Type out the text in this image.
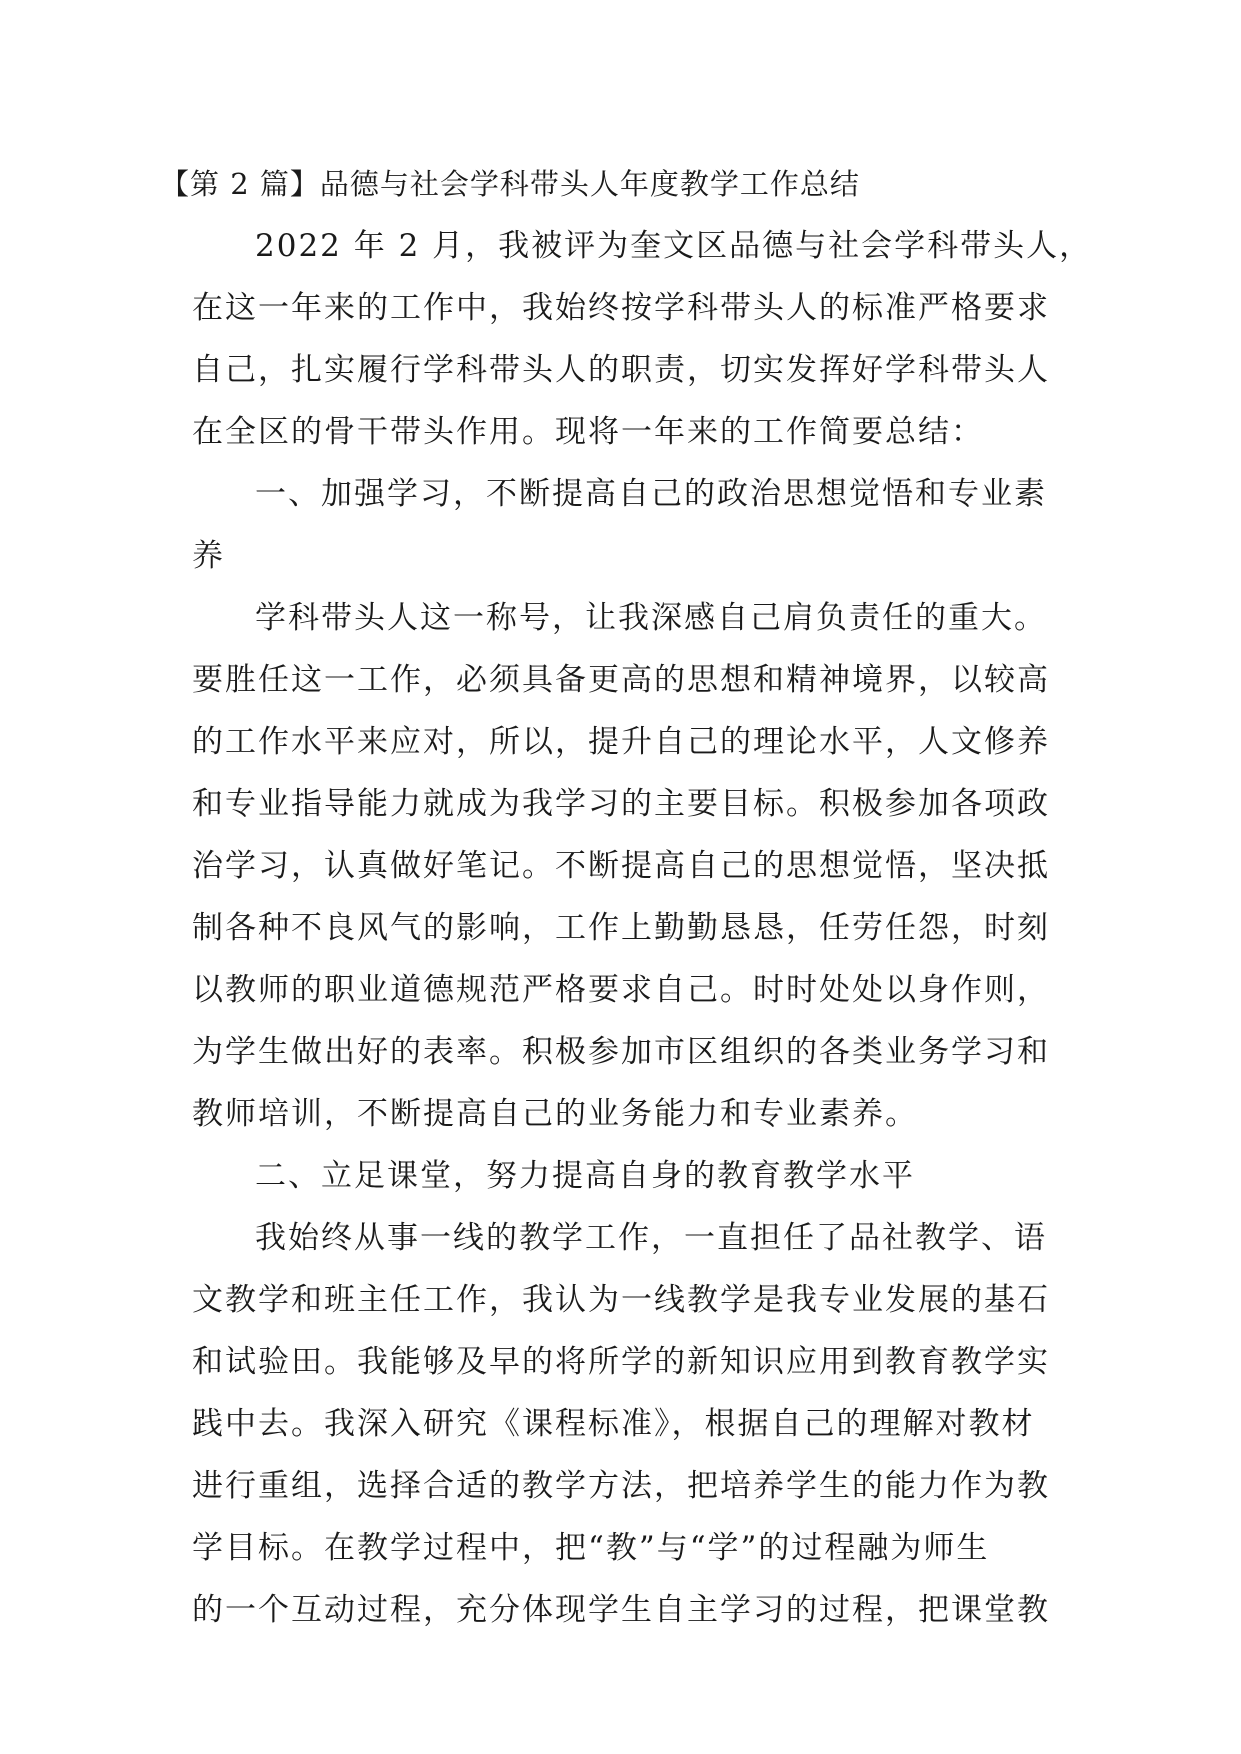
【第 2 篇】品德与社会学科带头人年度教学工作总结
2022 年 2 月，我被评为奎文区品德与社会学科带头人，
在这一年来的工作中，我始终按学科带头人的标准严格要求
自己，扎实履行学科带头人的职责，切实发挥好学科带头人
在全区的骨干带头作用。现将一年来的工作简要总结：
一、加强学习，不断提高自己的政治思想觉悟和专业素
养
学科带头人这一称号，让我深感自己肩负责任的重大。
要胜任这一工作，必须具备更高的思想和精神境界，以较高
的工作水平来应对，所以，提升自己的理论水平，人文修养
和专业指导能力就成为我学习的主要目标。积极参加各项政
治学习，认真做好笔记。不断提高自己的思想觉悟，坚决抵
制各种不良风气的影响，工作上勤勤恳恳，任劳任怨，时刻
以教师的职业道德规范严格要求自己。时时处处以身作则，
为学生做出好的表率。积极参加市区组织的各类业务学习和
教师培训，不断提高自己的业务能力和专业素养。
二、立足课堂，努力提高自身的教育教学水平
我始终从事一线的教学工作，一直担任了品社教学、语
文教学和班主任工作，我认为一线教学是我专业发展的基石
和试验田。我能够及早的将所学的新知识应用到教育教学实
践中去。我深入研究《课程标准》，根据自己的理解对教材
进行重组，选择合适的教学方法，把培养学生的能力作为教
学目标。在教学过程中，把“教”与“学”的过程融为师生
的一个互动过程，充分体现学生自主学习的过程，把课堂教
